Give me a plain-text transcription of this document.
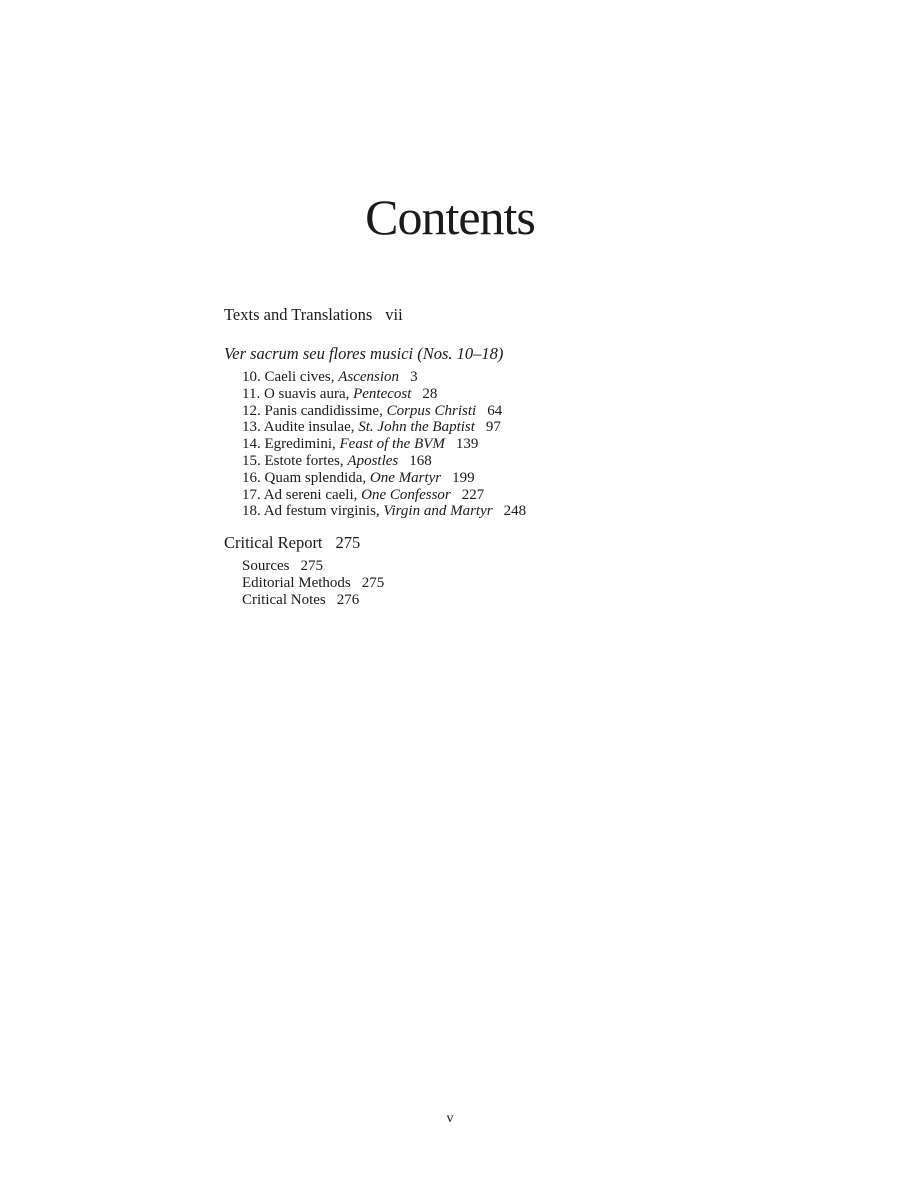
Contents
Texts and Translations vii
Ver sacrum seu flores musici (Nos. 10–18)
10. Caeli cives, Ascension 3
11. O suavis aura, Pentecost 28
12. Panis candidissime, Corpus Christi 64
13. Audite insulae, St. John the Baptist 97
14. Egredimini, Feast of the BVM 139
15. Estote fortes, Apostles 168
16. Quam splendida, One Martyr 199
17. Ad sereni caeli, One Confessor 227
18. Ad festum virginis, Virgin and Martyr 248
Critical Report 275
Sources 275
Editorial Methods 275
Critical Notes 276
v
